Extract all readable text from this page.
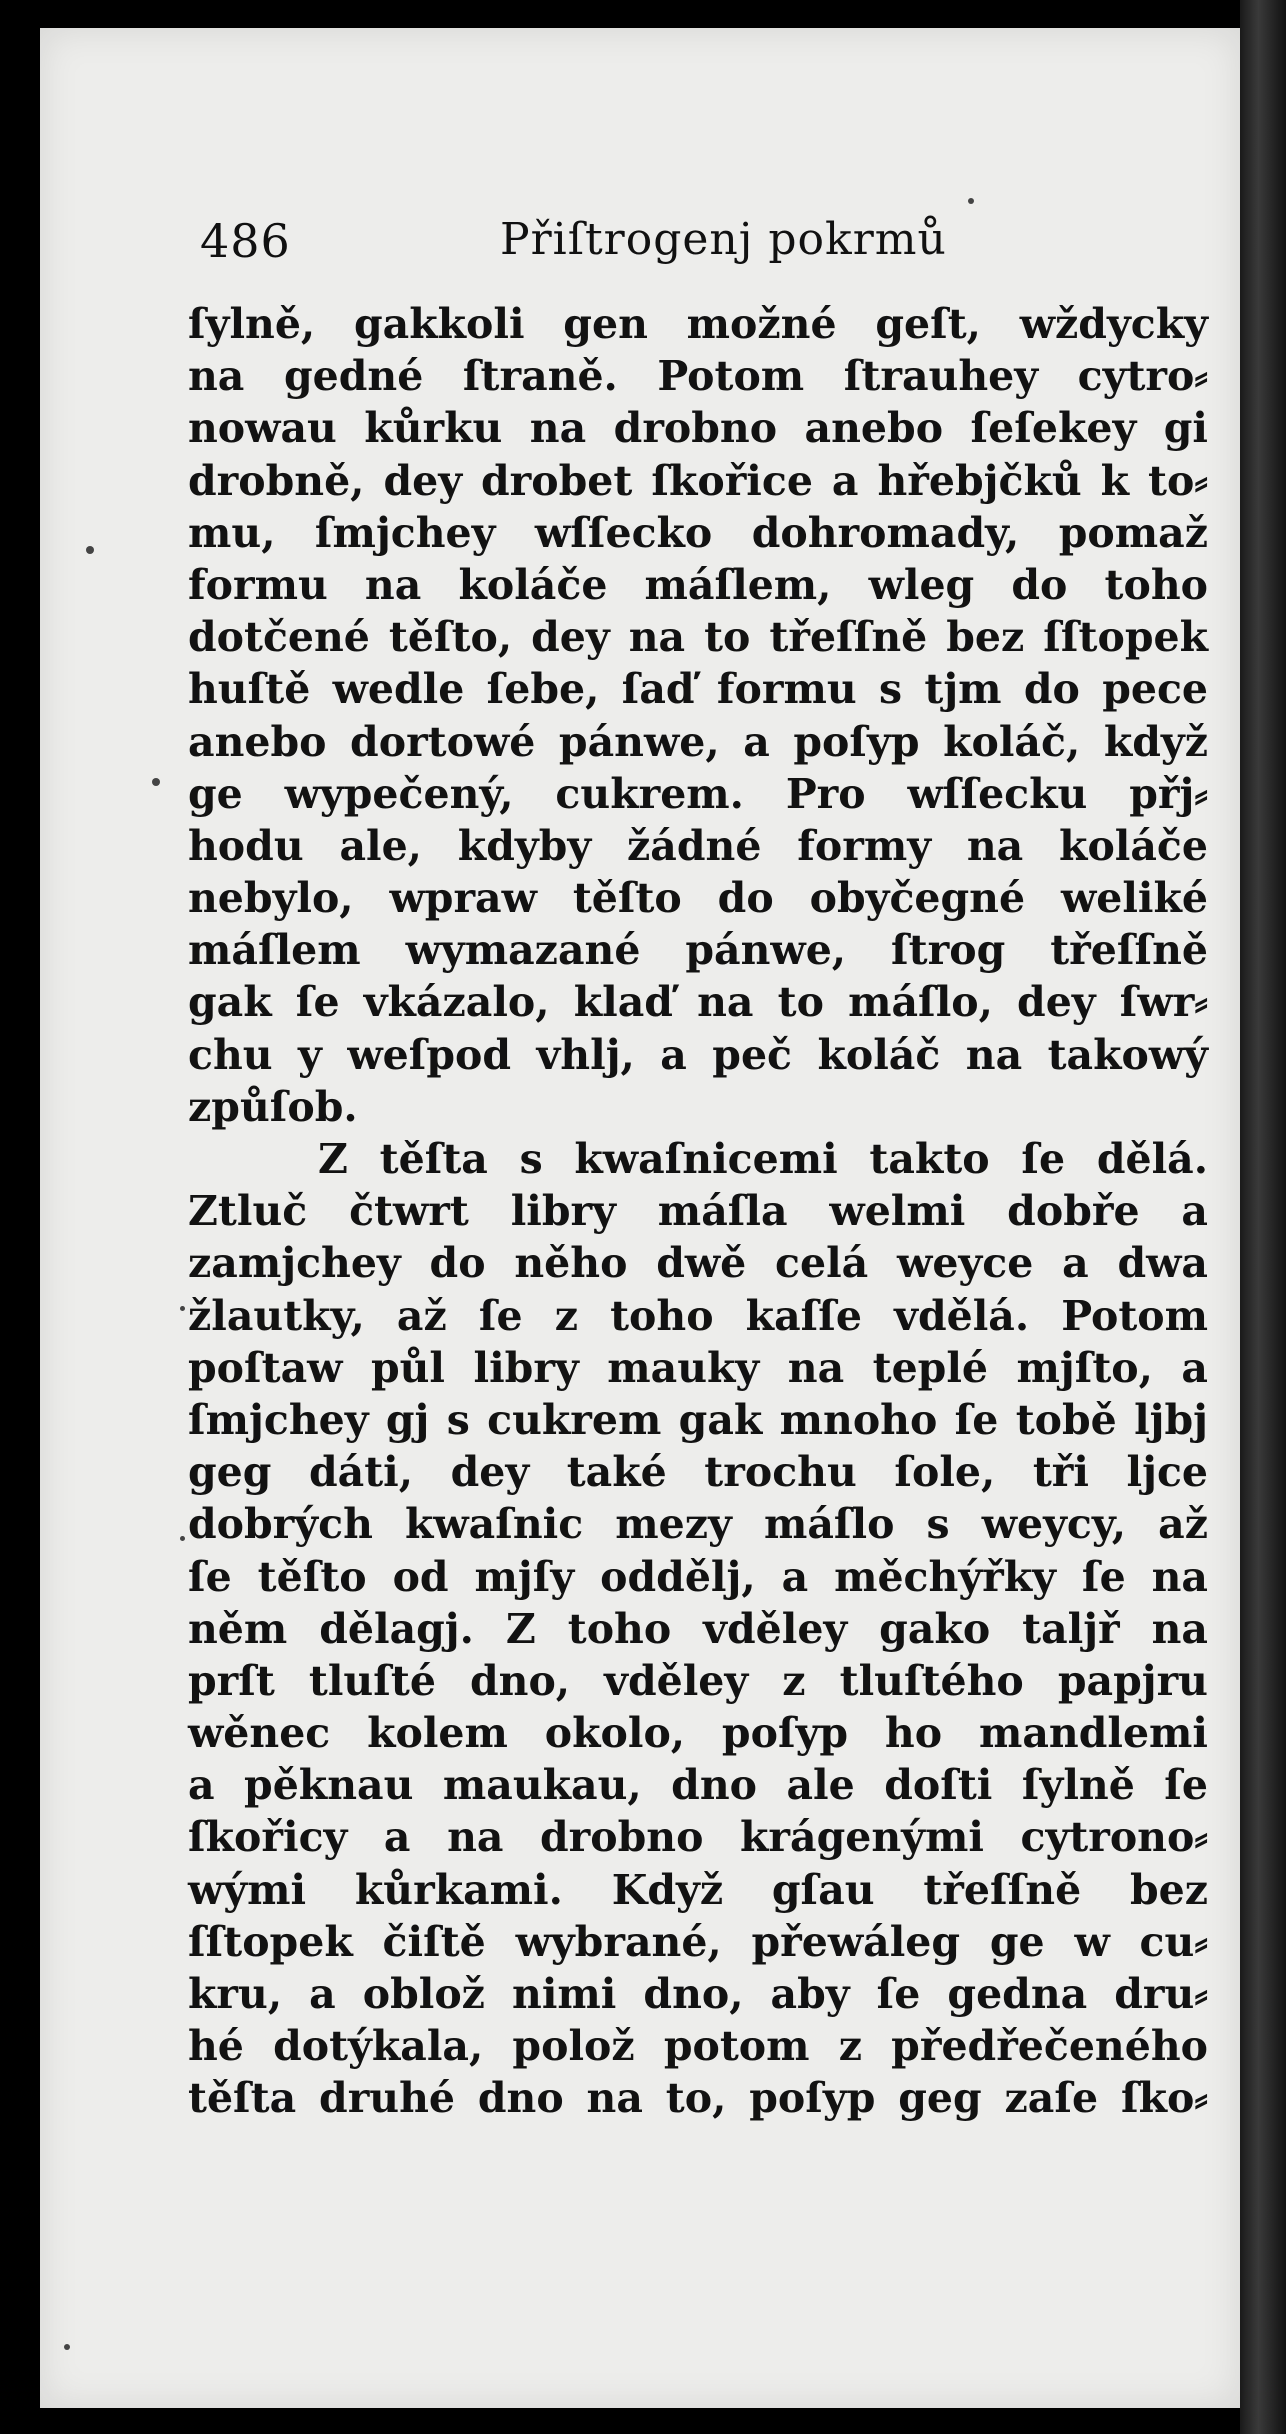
486	Přiſtrogenj pokrmů
ſylně, gakkoli gen možné geſt, wždycky
na gedné ſtraně. Potom ſtrauhey cytro⸗
nowau kůrku na drobno anebo ſeſekey gi
drobně, dey drobet ſkořice a hřebjčků k to⸗
mu, ſmjchey wſſecko dohromady, pomaž
formu na koláče máſlem, wleg do toho
dotčené těſto, dey na to třeſſně bez ſſtopek
huſtě wedle ſebe, ſaď formu s tjm do pece
anebo dortowé pánwe, a poſyp koláč, když
ge wypečený, cukrem. Pro wſſecku přj⸗
hodu ale, kdyby žádné formy na koláče
nebylo, wpraw těſto do obyčegné weliké
máſlem wymazané pánwe, ſtrog třeſſně
gak ſe vkázalo, klaď na to máſlo, dey ſwr⸗
chu y weſpod vhlj, a peč koláč na takowý
způſob.
Z těſta s kwaſnicemi takto ſe dělá.
Ztluč čtwrt libry máſla welmi dobře a
zamjchey do něho dwě celá weyce a dwa
žlautky, až ſe z toho kaſſe vdělá. Potom
poſtaw půl libry mauky na teplé mjſto, a
ſmjchey gj s cukrem gak mnoho ſe tobě ljbj
geg dáti, dey také trochu ſole, tři ljce
dobrých kwaſnic mezy máſlo s weycy, až
ſe těſto od mjſy oddělj, a měchýřky ſe na
něm dělagj. Z toho vděley gako taljř na
prſt tluſté dno, vděley z tluſtého papjru
wěnec kolem okolo, poſyp ho mandlemi
a pěknau maukau, dno ale doſti ſylně ſe
ſkořicy a na drobno krágenými cytrono⸗
wými kůrkami. Když gſau třeſſně bez
ſſtopek čiſtě wybrané, přewáleg ge w cu⸗
kru, a oblož nimi dno, aby ſe gedna dru⸗
hé dotýkala, polož potom z předřečeného
těſta druhé dno na to, poſyp geg zaſe ſko⸗
